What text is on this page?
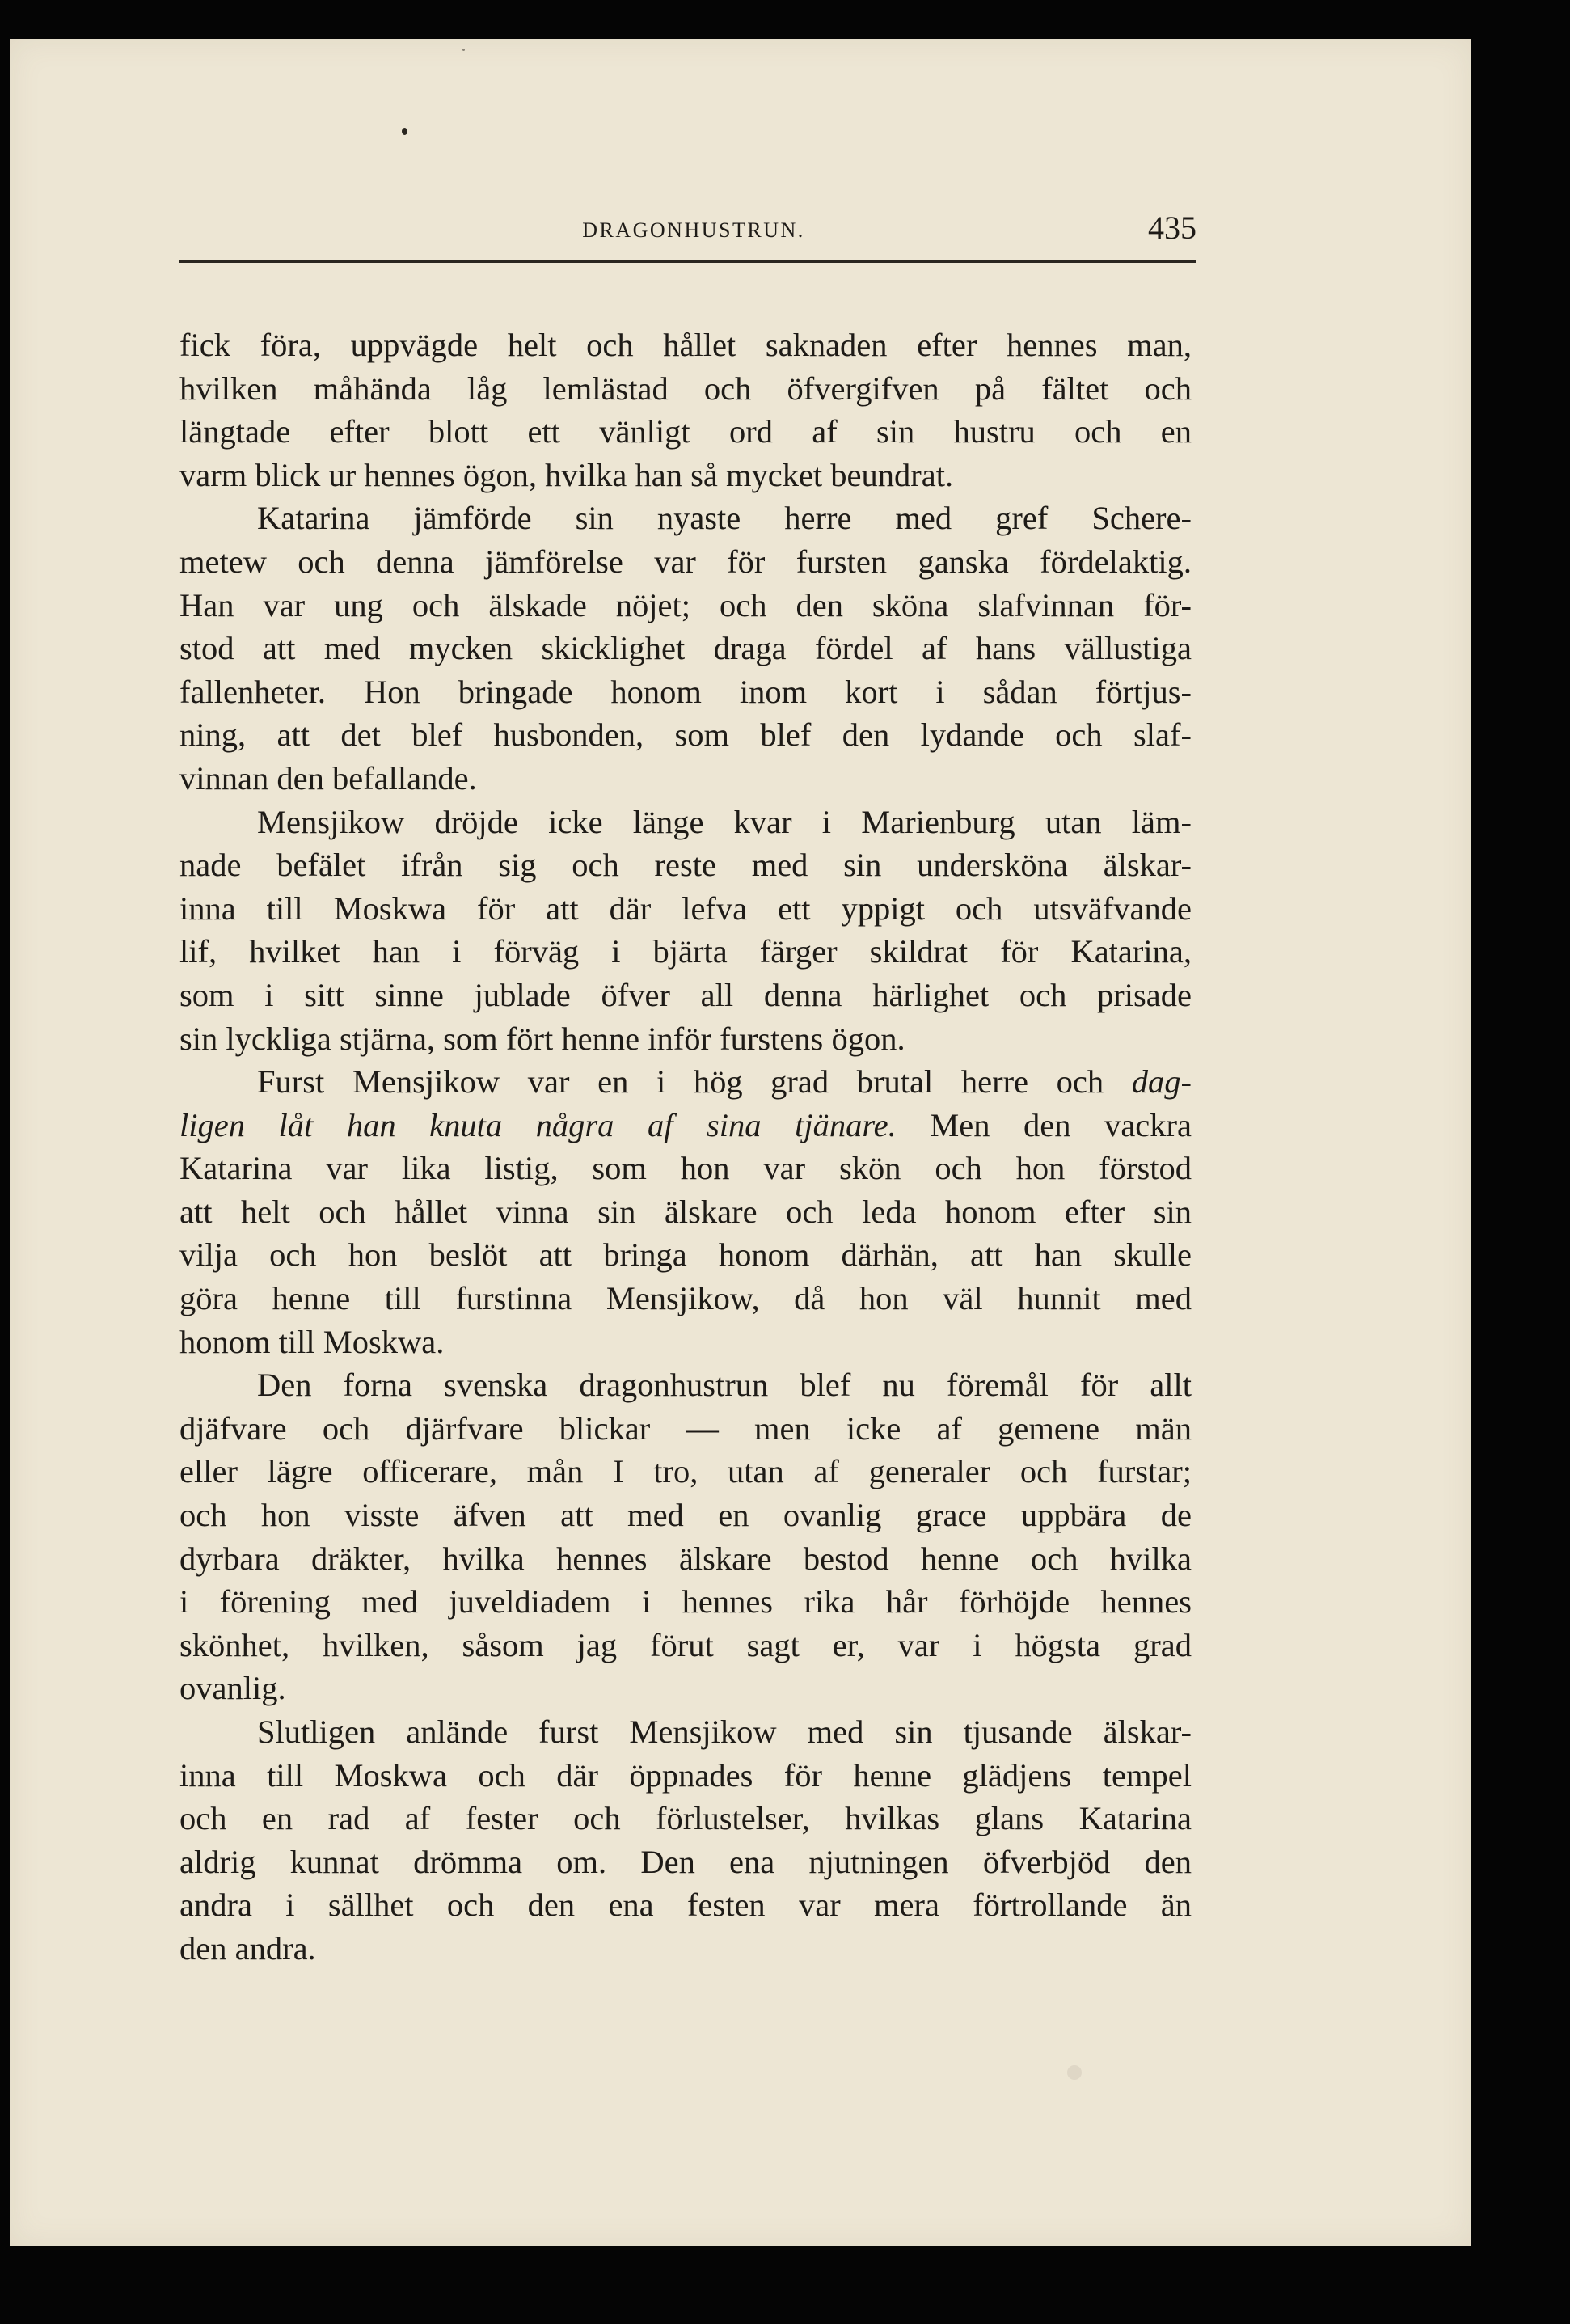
DRAGONHUSTRUN.	435
fick föra, uppvägde helt och hållet saknaden efter hennes man,
hvilken måhända låg lemlästad och öfvergifven på fältet och
längtade efter blott ett vänligt ord af sin hustru och en
varm blick ur hennes ögon, hvilka han så mycket beundrat.
Katarina jämförde sin nyaste herre med gref Schere-
metew och denna jämförelse var för fursten ganska fördelaktig.
Han var ung och älskade nöjet; och den sköna slafvinnan för-
stod att med mycken skicklighet draga fördel af hans vällustiga
fallenheter. Hon bringade honom inom kort i sådan förtjus-
ning, att det blef husbonden, som blef den lydande och slaf-
vinnan den befallande.
Mensjikow dröjde icke länge kvar i Marienburg utan läm-
nade befälet ifrån sig och reste med sin undersköna älskar-
inna till Moskwa för att där lefva ett yppigt och utsväfvande
lif, hvilket han i förväg i bjärta färger skildrat för Katarina,
som i sitt sinne jublade öfver all denna härlighet och prisade
sin lyckliga stjärna, som fört henne inför furstens ögon.
Furst Mensjikow var en i hög grad brutal herre och dag-
ligen låt han knuta några af sina tjänare. Men den vackra
Katarina var lika listig, som hon var skön och hon förstod
att helt och hållet vinna sin älskare och leda honom efter sin
vilja och hon beslöt att bringa honom därhän, att han skulle
göra henne till furstinna Mensjikow, då hon väl hunnit med
honom till Moskwa.
Den forna svenska dragonhustrun blef nu föremål för allt
djäfvare och djärfvare blickar — men icke af gemene män
eller lägre officerare, mån I tro, utan af generaler och furstar;
och hon visste äfven att med en ovanlig grace uppbära de
dyrbara dräkter, hvilka hennes älskare bestod henne och hvilka
i förening med juveldiadem i hennes rika hår förhöjde hennes
skönhet, hvilken, såsom jag förut sagt er, var i högsta grad
ovanlig.
Slutligen anlände furst Mensjikow med sin tjusande älskar-
inna till Moskwa och där öppnades för henne glädjens tempel
och en rad af fester och förlustelser, hvilkas glans Katarina
aldrig kunnat drömma om. Den ena njutningen öfverbjöd den
andra i sällhet och den ena festen var mera förtrollande än
den andra.
